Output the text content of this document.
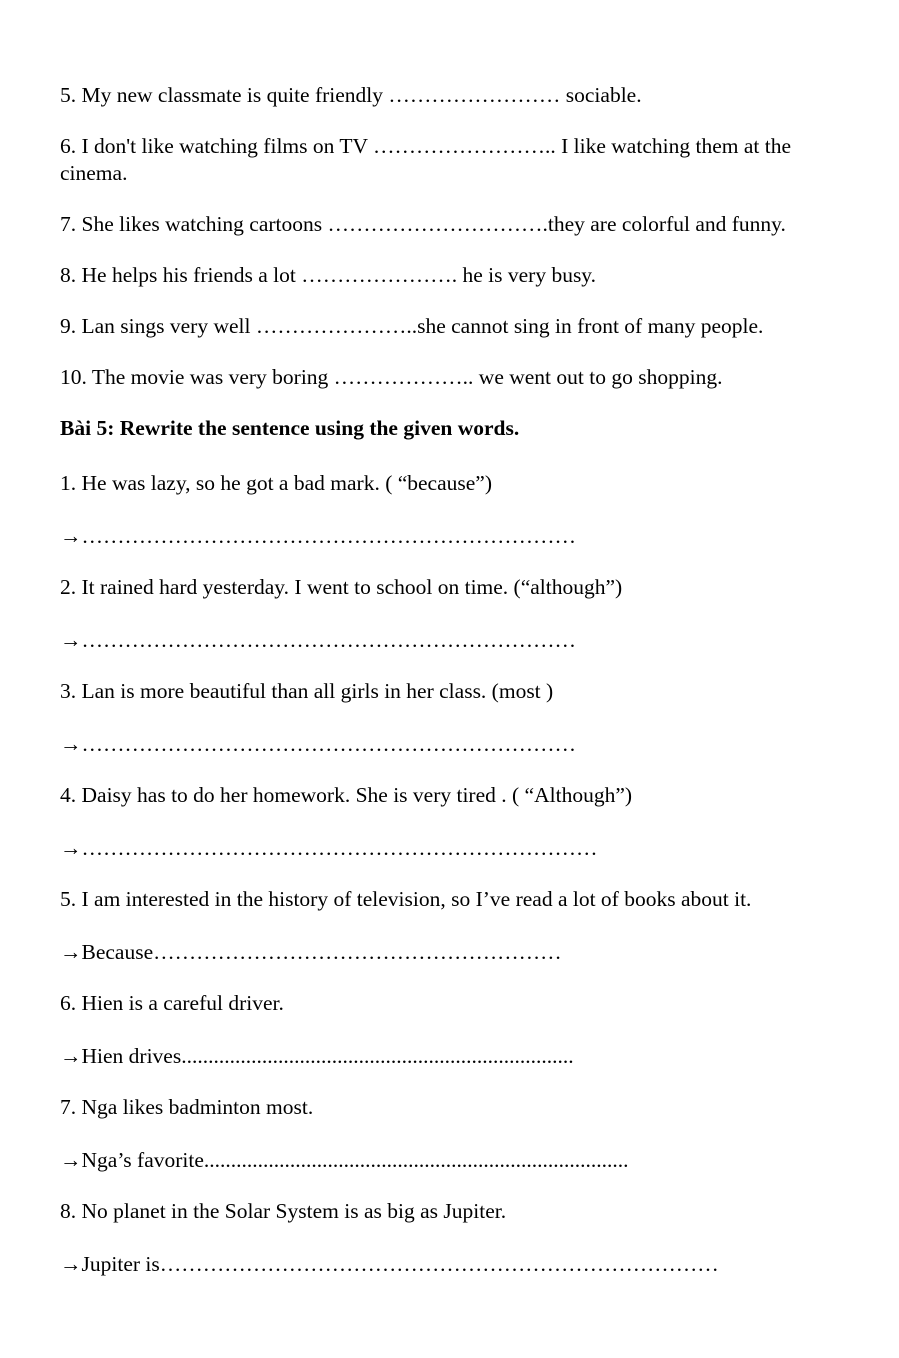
5. My new classmate is quite friendly …………………… sociable.

6. I don't like watching films on TV …………………….. I like watching them at the cinema.

7. She likes watching cartoons ………………………….they are colorful and funny.

8. He helps his friends a lot …………………. he is very busy.

9. Lan sings very well …………………..she cannot sing in front of many people.

10. The movie was very boring ……………….. we went out to go shopping.

Bài 5: Rewrite the sentence using the given words.

1. He was lazy, so he got a bad mark. ( “because”)

→……………………………………………………………

2. It rained hard yesterday. I went to school on time. (“although”)

→……………………………………………………………

3. Lan is more beautiful than all girls in her class. (most )

→……………………………………………………………

4. Daisy has to do her homework. She is very tired . ( “Although”)

→………………………………………………………………

5. I am interested in the history of television, so I’ve read a lot of books about it.

→Because…………………………………………………

6. Hien is a careful driver.

→Hien drives.........................................................................

7. Nga likes badminton most.

→Nga’s favorite...............................................................................

8. No planet in the Solar System is as big as Jupiter.

→Jupiter is……………………………………………………………………
